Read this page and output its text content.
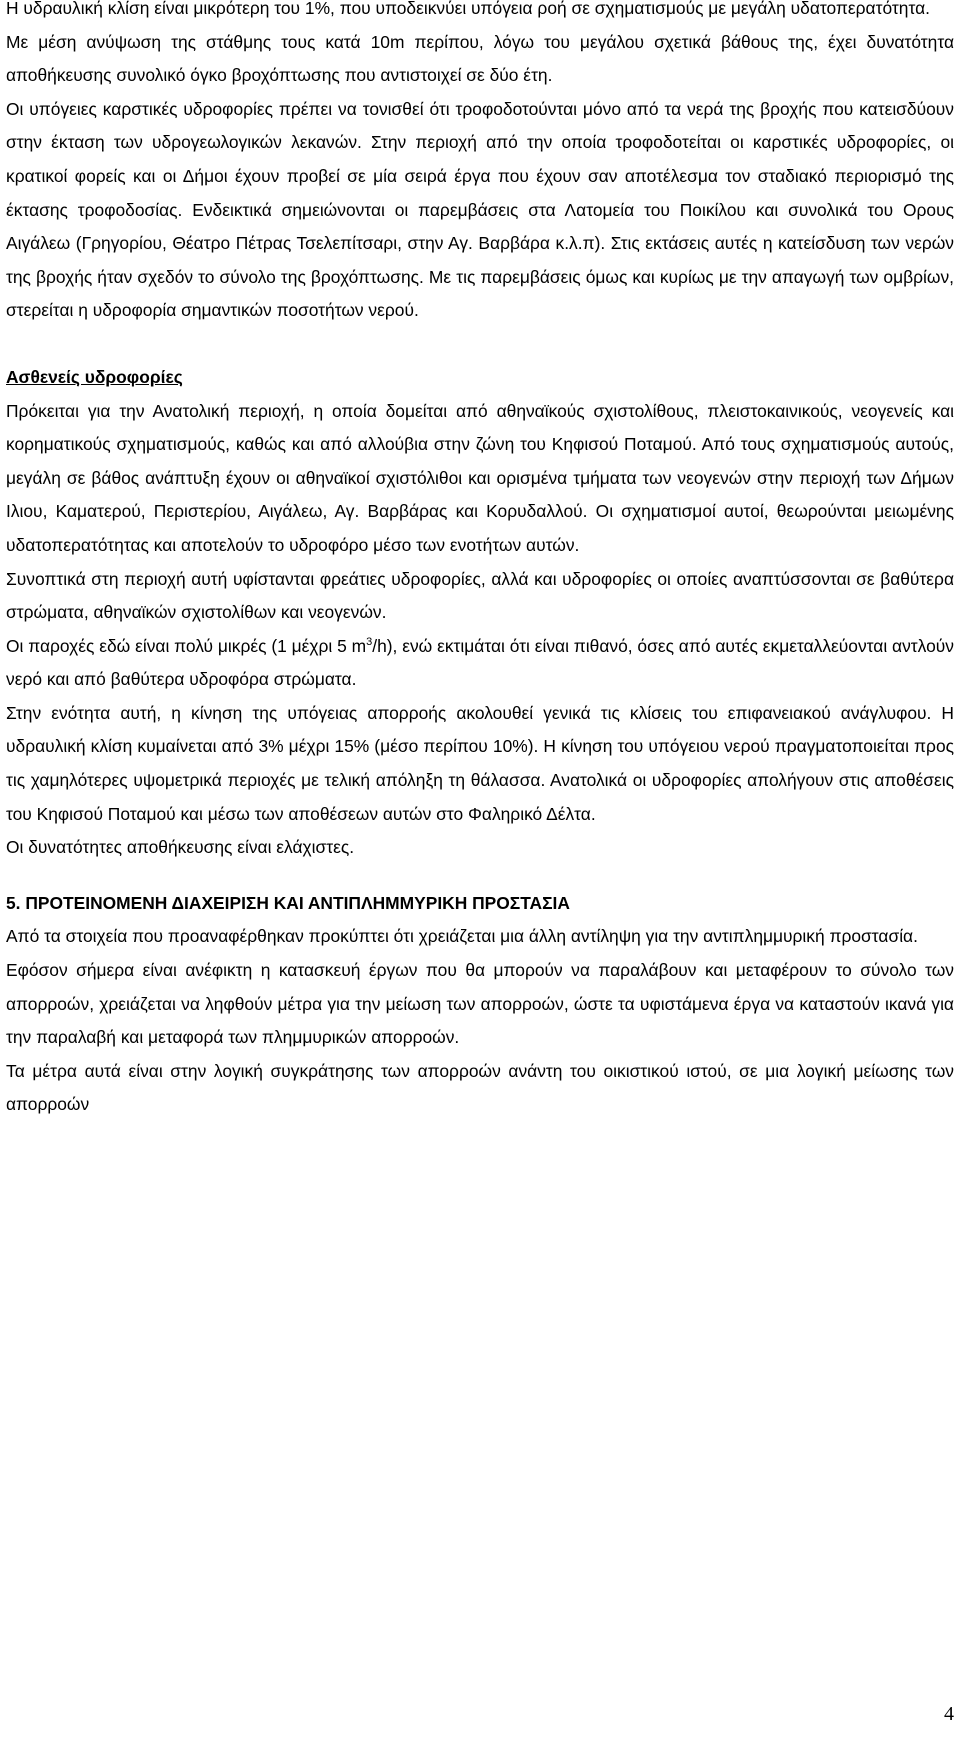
Η υδραυλική κλίση είναι μικρότερη του 1%, που υποδεικνύει υπόγεια ροή σε σχηματισμούς με μεγάλη υδατοπερατότητα.

Με μέση ανύψωση της στάθμης τους κατά 10m περίπου, λόγω του μεγάλου σχετικά βάθους της, έχει δυνατότητα αποθήκευσης συνολικό όγκο βροχόπτωσης που αντιστοιχεί σε δύο έτη.

Οι υπόγειες καρστικές υδροφορίες πρέπει να τονισθεί ότι τροφοδοτούνται μόνο από τα νερά της βροχής που κατεισδύουν στην έκταση των υδρογεωλογικών λεκανών. Στην περιοχή από την οποία τροφοδοτείται οι καρστικές υδροφορίες, οι κρατικοί φορείς και οι Δήμοι έχουν προβεί σε μία σειρά έργα που έχουν σαν αποτέλεσμα τον σταδιακό περιορισμό της έκτασης τροφοδοσίας. Ενδεικτικά σημειώνονται οι παρεμβάσεις στα Λατομεία του Ποικίλου και συνολικά του Ορους Αιγάλεω (Γρηγορίου, Θέατρο Πέτρας Τσελεπίτσαρι, στην Αγ. Βαρβάρα κ.λ.π). Στις εκτάσεις αυτές η κατείσδυση των νερών της βροχής ήταν σχεδόν το σύνολο της βροχόπτωσης. Με τις παρεμβάσεις όμως και κυρίως με την απαγωγή των ομβρίων, στερείται η υδροφορία σημαντικών ποσοτήτων νερού.

Ασθενείς υδροφορίες

Πρόκειται για την Ανατολική περιοχή, η οποία δομείται από αθηναϊκούς σχιστολίθους, πλειστοκαινικούς, νεογενείς και κορηματικούς σχηματισμούς, καθώς και από αλλούβια στην ζώνη του Κηφισού Ποταμού. Από τους σχηματισμούς αυτούς, μεγάλη σε βάθος ανάπτυξη έχουν οι αθηναϊκοί σχιστόλιθοι και ορισμένα τμήματα των νεογενών στην περιοχή των Δήμων Ιλιου, Καματερού, Περιστερίου, Αιγάλεω, Αγ. Βαρβάρας και Κορυδαλλού. Οι σχηματισμοί αυτοί, θεωρούνται μειωμένης υδατοπερατότητας και αποτελούν το υδροφόρο μέσο των ενοτήτων αυτών.

Συνοπτικά στη περιοχή αυτή υφίστανται φρεάτιες υδροφορίες, αλλά και υδροφορίες οι οποίες αναπτύσσονται σε βαθύτερα στρώματα, αθηναϊκών σχιστολίθων και νεογενών.

Οι παροχές εδώ είναι πολύ μικρές (1 μέχρι 5 $m^3/h$), ενώ εκτιμάται ότι είναι πιθανό, όσες από αυτές εκμεταλλεύονται αντλούν νερό και από βαθύτερα υδροφόρα στρώματα.

Στην ενότητα αυτή, η κίνηση της υπόγειας απορροής ακολουθεί γενικά τις κλίσεις του επιφανειακού ανάγλυφου. Η υδραυλική κλίση κυμαίνεται από 3% μέχρι 15% (μέσο περίπου 10%). Η κίνηση του υπόγειου νερού πραγματοποιείται προς τις χαμηλότερες υψομετρικά περιοχές με τελική απόληξη τη θάλασσα. Ανατολικά οι υδροφορίες απολήγουν στις αποθέσεις του Κηφισού Ποταμού και μέσω των αποθέσεων αυτών στο Φαληρικό Δέλτα.

Οι δυνατότητες αποθήκευσης είναι ελάχιστες.

5. ΠΡΟΤΕΙΝΟΜΕΝΗ ΔΙΑΧΕΙΡΙΣΗ ΚΑΙ ΑΝΤΙΠΛΗΜΜΥΡΙΚΗ ΠΡΟΣΤΑΣΙΑ

Από τα στοιχεία που προαναφέρθηκαν προκύπτει ότι χρειάζεται μια άλλη αντίληψη για την αντιπλημμυρική προστασία.

Εφόσον σήμερα είναι ανέφικτη η κατασκευή έργων που θα μπορούν να παραλάβουν και μεταφέρουν το σύνολο των απορροών, χρειάζεται να ληφθούν μέτρα για την μείωση των απορροών, ώστε τα υφιστάμενα έργα να καταστούν ικανά για την παραλαβή και μεταφορά των πλημμυρικών απορροών.

Τα μέτρα αυτά είναι στην λογική συγκράτησης των απορροών ανάντη του οικιστικού ιστού, σε μια λογική μείωσης των απορροών

4
